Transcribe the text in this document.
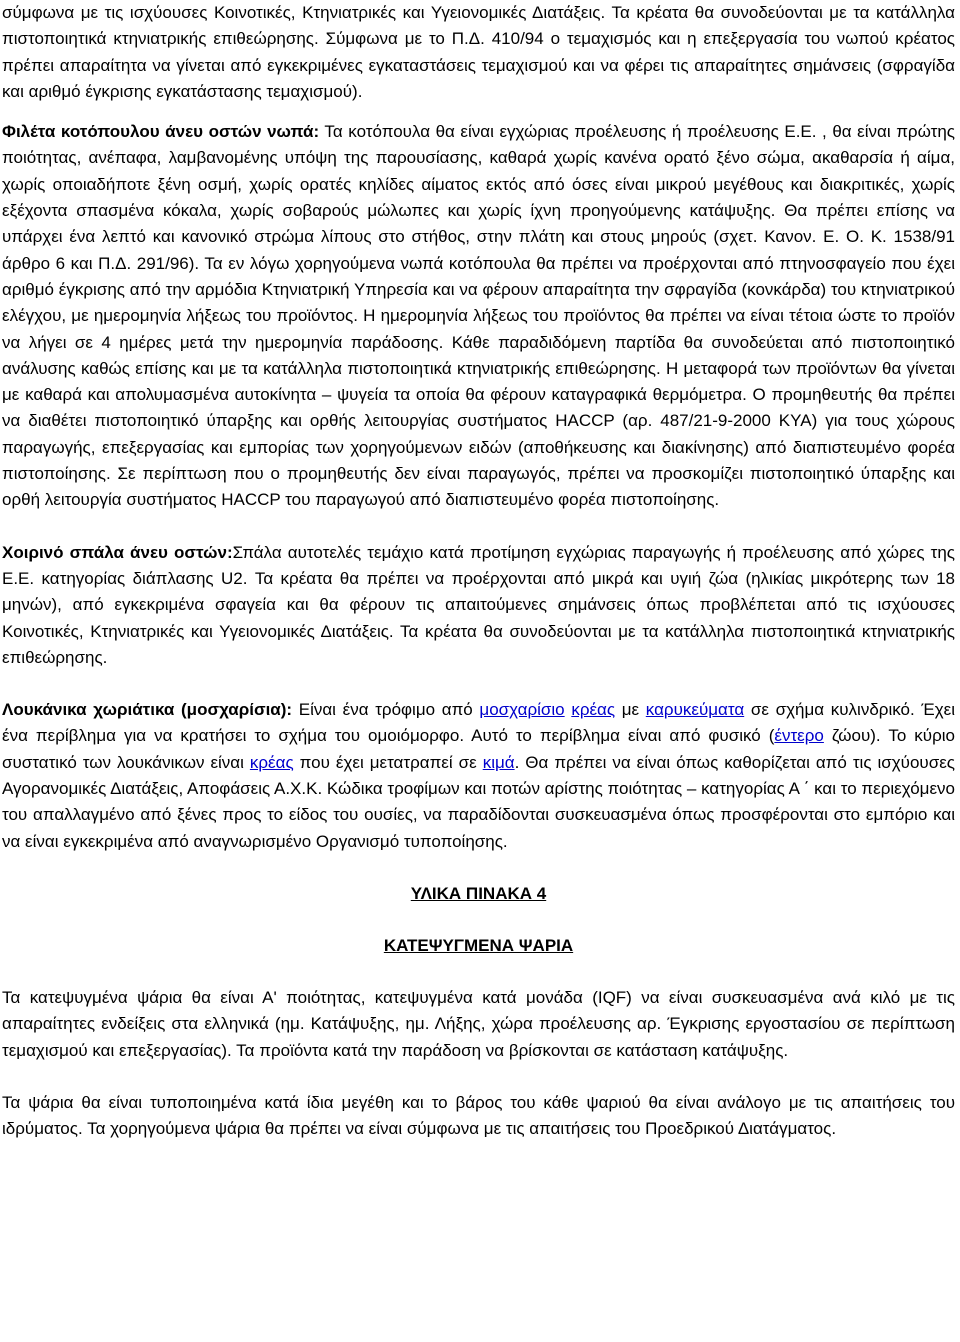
σύμφωνα με τις ισχύουσες Κοινοτικές, Κτηνιατρικές και Υγειονομικές Διατάξεις. Τα κρέατα θα συνοδεύονται με τα κατάλληλα πιστοποιητικά κτηνιατρικής επιθεώρησης. Σύμφωνα με το Π.Δ. 410/94 ο τεμαχισμός και η επεξεργασία του νωπού κρέατος πρέπει απαραίτητα να γίνεται από εγκεκριμένες εγκαταστάσεις τεμαχισμού και να φέρει τις απαραίτητες σημάνσεις (σφραγίδα και αριθμό έγκρισης εγκατάστασης τεμαχισμού).

Φιλέτα κοτόπουλου άνευ οστών νωπά: Τα κοτόπουλα θα είναι εγχώριας προέλευσης ή προέλευσης Ε.Ε. , θα είναι πρώτης ποιότητας, ανέπαφα, λαμβανομένης υπόψη της παρουσίασης, καθαρά χωρίς κανένα ορατό ξένο σώμα, ακαθαρσία ή αίμα, χωρίς οποιαδήποτε ξένη οσμή, χωρίς ορατές κηλίδες αίματος εκτός από όσες είναι μικρού μεγέθους και διακριτικές, χωρίς εξέχοντα σπασμένα κόκαλα, χωρίς σοβαρούς μώλωπες και χωρίς ίχνη προηγούμενης κατάψυξης. Θα πρέπει επίσης να υπάρχει ένα λεπτό και κανονικό στρώμα λίπους στο στήθος, στην πλάτη και στους μηρούς (σχετ. Κανον. Ε. Ο. Κ. 1538/91 άρθρο 6 και Π.Δ. 291/96). Τα εν λόγω χορηγούμενα νωπά κοτόπουλα θα πρέπει να προέρχονται από πτηνοσφαγείο που έχει αριθμό έγκρισης από την αρμόδια Κτηνιατρική Υπηρεσία και να φέρουν απαραίτητα την σφραγίδα (κονκάρδα) του κτηνιατρικού ελέγχου, με ημερομηνία λήξεως του προϊόντος. Η ημερομηνία λήξεως του προϊόντος θα πρέπει να είναι τέτοια ώστε το προϊόν να λήγει σε 4 ημέρες μετά την ημερομηνία παράδοσης. Κάθε παραδιδόμενη παρτίδα θα συνοδεύεται από πιστοποιητικό ανάλυσης καθώς επίσης και με τα κατάλληλα πιστοποιητικά κτηνιατρικής επιθεώρησης. Η μεταφορά των προϊόντων θα γίνεται με καθαρά και απολυμασμένα αυτοκίνητα – ψυγεία τα οποία θα φέρουν καταγραφικά θερμόμετρα. Ο προμηθευτής θα πρέπει να διαθέτει πιστοποιητικό ύπαρξης και ορθής λειτουργίας συστήματος HACCP (αρ. 487/21-9-2000 ΚΥΑ) για τους χώρους παραγωγής, επεξεργασίας και εμπορίας των χορηγούμενων ειδών (αποθήκευσης και διακίνησης) από διαπιστευμένο φορέα πιστοποίησης. Σε περίπτωση που ο προμηθευτής δεν είναι παραγωγός, πρέπει να προσκομίζει πιστοποιητικό ύπαρξης και ορθή λειτουργία συστήματος HACCP του παραγωγού από διαπιστευμένο φορέα πιστοποίησης.

Χοιρινό σπάλα άνευ οστών:Σπάλα αυτοτελές τεμάχιο κατά προτίμηση εγχώριας παραγωγής ή προέλευσης από χώρες της Ε.Ε. κατηγορίας διάπλασης U2. Τα κρέατα θα πρέπει να προέρχονται από μικρά και υγιή ζώα (ηλικίας μικρότερης των 18 μηνών), από εγκεκριμένα σφαγεία και θα φέρουν τις απαιτούμενες σημάνσεις όπως προβλέπεται από τις ισχύουσες Κοινοτικές, Κτηνιατρικές και Υγειονομικές Διατάξεις. Τα κρέατα θα συνοδεύονται με τα κατάλληλα πιστοποιητικά κτηνιατρικής επιθεώρησης.

Λουκάνικα χωριάτικα (μοσχαρίσια): Είναι ένα τρόφιμο από μοσχαρίσιο κρέας με καρυκεύματα σε σχήμα κυλινδρικό. Έχει ένα περίβλημα για να κρατήσει το σχήμα του ομοιόμορφο. Αυτό το περίβλημα είναι από φυσικό (έντερο ζώου). Το κύριο συστατικό των λουκάνικων είναι κρέας που έχει μετατραπεί σε κιμά. Θα πρέπει να είναι όπως καθορίζεται από τις ισχύουσες Αγορανομικές Διατάξεις, Αποφάσεις Α.Χ.Κ. Κώδικα τροφίμων και ποτών αρίστης ποιότητας – κατηγορίας Α ΄ και το περιεχόμενο του απαλλαγμένο από ξένες προς το είδος του ουσίες, να παραδίδονται συσκευασμένα όπως προσφέρονται στο εμπόριο και να είναι εγκεκριμένα από αναγνωρισμένο Οργανισμό τυποποίησης.

ΥΛΙΚΑ ΠΙΝΑΚΑ 4

ΚΑΤΕΨΥΓΜΕΝΑ ΨΑΡΙΑ

Τα κατεψυγμένα ψάρια θα είναι Α' ποιότητας, κατεψυγμένα κατά μονάδα (IQF) να είναι συσκευασμένα ανά κιλό με τις απαραίτητες ενδείξεις στα ελληνικά (ημ. Κατάψυξης, ημ. Λήξης, χώρα προέλευσης αρ. Έγκρισης εργοστασίου σε περίπτωση τεμαχισμού και επεξεργασίας). Τα προϊόντα κατά την παράδοση να βρίσκονται σε κατάσταση κατάψυξης.

Τα ψάρια θα είναι τυποποιημένα κατά ίδια μεγέθη και το βάρος του κάθε ψαριού θα είναι ανάλογο με τις απαιτήσεις του ιδρύματος. Τα χορηγούμενα ψάρια θα πρέπει να είναι σύμφωνα με τις απαιτήσεις του Προεδρικού Διατάγματος.
